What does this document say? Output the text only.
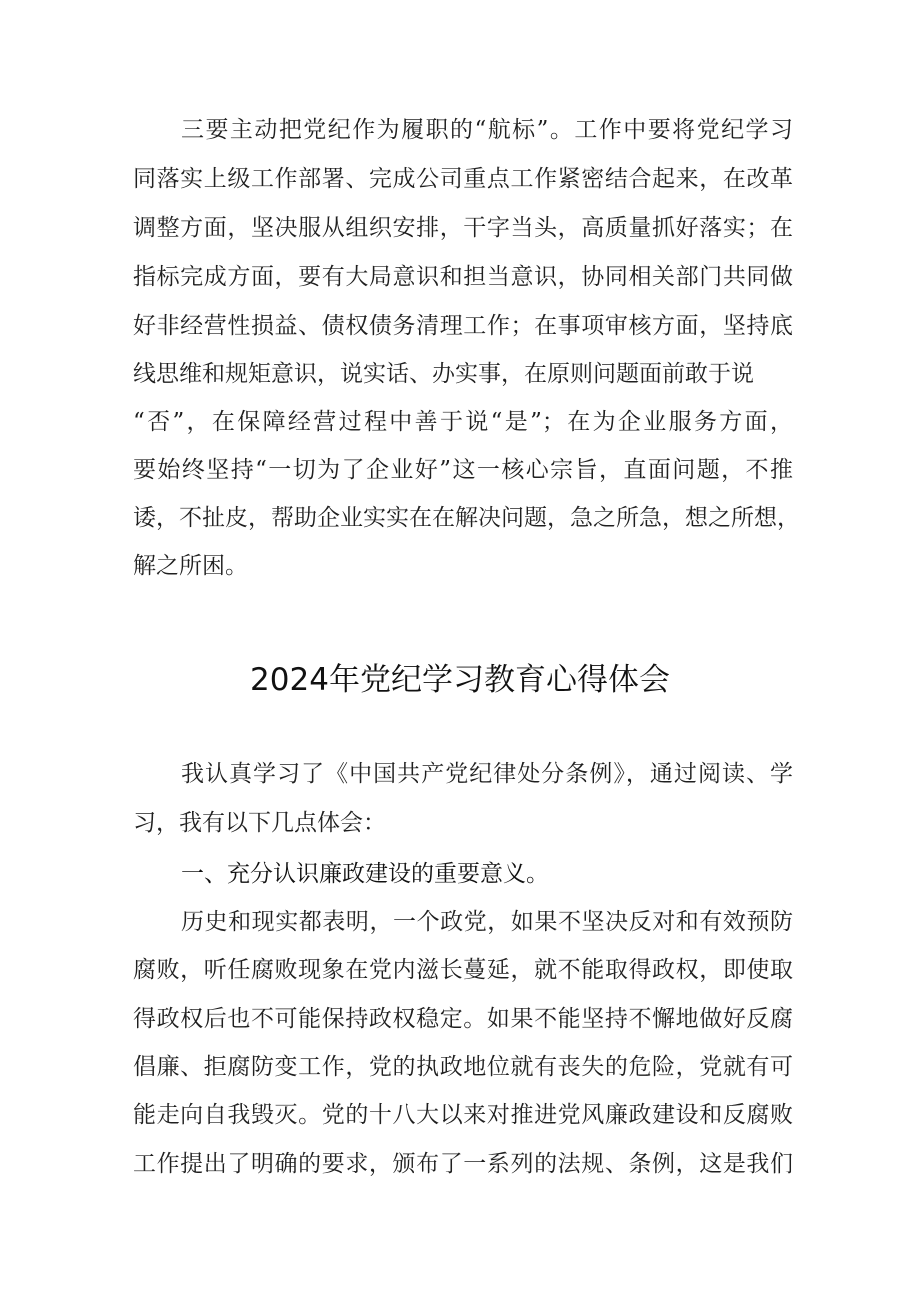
三要主动把党纪作为履职的“航标”。工作中要将党纪学习
同落实上级工作部署、完成公司重点工作紧密结合起来，在改革
调整方面，坚决服从组织安排，干字当头，高质量抓好落实；在
指标完成方面，要有大局意识和担当意识，协同相关部门共同做
好非经营性损益、债权债务清理工作；在事项审核方面，坚持底
线思维和规矩意识，说实话、办实事，在原则问题面前敢于说
“否”，在保障经营过程中善于说“是”；在为企业服务方面，
要始终坚持“一切为了企业好”这一核心宗旨，直面问题，不推
诿，不扯皮，帮助企业实实在在解决问题，急之所急，想之所想，
解之所困。
2024年党纪学习教育心得体会
我认真学习了《中国共产党纪律处分条例》，通过阅读、学
习，我有以下几点体会：
一、充分认识廉政建设的重要意义。
历史和现实都表明，一个政党，如果不坚决反对和有效预防
腐败，听任腐败现象在党内滋长蔓延，就不能取得政权，即使取
得政权后也不可能保持政权稳定。如果不能坚持不懈地做好反腐
倡廉、拒腐防变工作，党的执政地位就有丧失的危险，党就有可
能走向自我毁灭。党的十八大以来对推进党风廉政建设和反腐败
工作提出了明确的要求，颁布了一系列的法规、条例，这是我们
